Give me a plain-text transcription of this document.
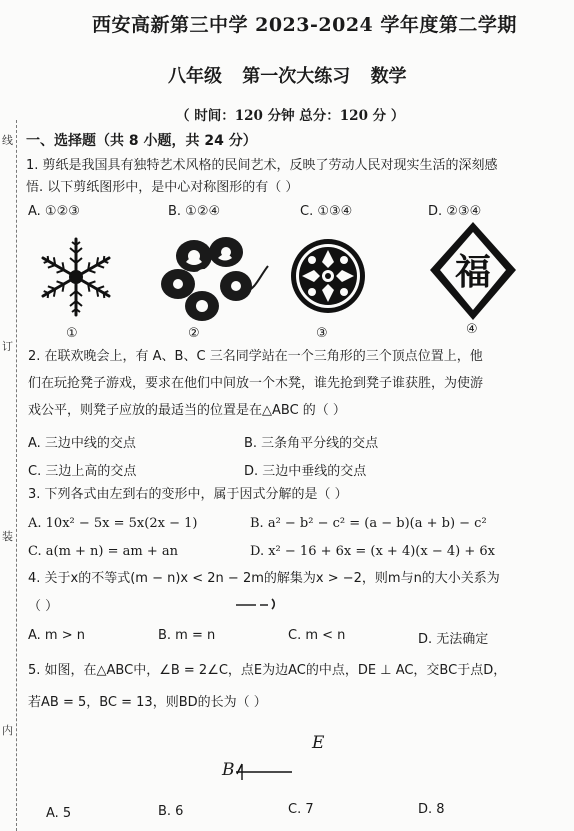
线
订
装
内
西安高新第三中学 2023-2024 学年度第二学期
八年级 第一次大练习 数学
（ 时间：120 分钟 总分：120 分 ）
一、选择题（共 8 小题，共 24 分）
1. 剪纸是我国具有独特艺术风格的民间艺术，反映了劳动人民对现实生活的深刻感
悟. 以下剪纸图形中，是中心对称图形的有（ ）
A. ①②③	B. ①②④	C. ①③④	D. ②③④
①	②	③
福
④
2. 在联欢晚会上，有 A、B、C 三名同学站在一个三角形的三个顶点位置上，他
们在玩抢凳子游戏，要求在他们中间放一个木凳，谁先抢到凳子谁获胜，为使游
戏公平，则凳子应放的最适当的位置是在△ABC 的（ ）
A. 三边中线的交点	B. 三条角平分线的交点
C. 三边上高的交点	D. 三边中垂线的交点
3. 下列各式由左到右的变形中，属于因式分解的是（ ）
A. 10x² − 5x = 5x(2x − 1)	B. a² − b² − c² = (a − b)(a + b) − c²
C. a(m + n) = am + an	D. x² − 16 + 6x = (x + 4)(x − 4) + 6x
4. 关于x的不等式(m − n)x < 2n − 2m的解集为x > −2，则m与n的大小关系为
（ ）
A. m > n	B. m = n	C. m < n	D. 无法确定
5. 如图，在△ABC中，∠B = 2∠C，点E为边AC的中点，DE ⊥ AC，交BC于点D，
若AB = 5，BC = 13，则BD的长为（ ）
E
B
A. 5	B. 6	C. 7	D. 8
